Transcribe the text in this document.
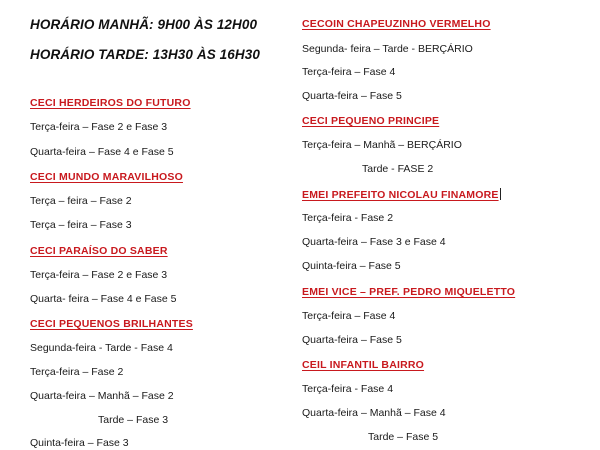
HORÁRIO MANHÃ: 9H00 ÀS 12H00
HORÁRIO TARDE: 13H30 ÀS 16H30
CECI HERDEIROS DO FUTURO
Terça-feira – Fase 2 e Fase 3
Quarta-feira – Fase 4 e Fase 5
CECI MUNDO MARAVILHOSO
Terça – feira – Fase 2
Terça – feira – Fase 3
CECI PARAÍSO DO SABER
Terça-feira – Fase 2 e Fase 3
Quarta- feira – Fase 4 e Fase 5
CECI PEQUENOS BRILHANTES
Segunda-feira - Tarde - Fase 4
Terça-feira – Fase 2
Quarta-feira – Manhã – Fase 2
Tarde – Fase 3
Quinta-feira – Fase 3
CECOIN CHAPEUZINHO VERMELHO
Segunda- feira – Tarde - BERÇÁRIO
Terça-feira – Fase 4
Quarta-feira – Fase 5
CECI PEQUENO PRINCIPE
Terça-feira – Manhã – BERÇÁRIO
Tarde - FASE 2
EMEI PREFEITO NICOLAU FINAMORE
Terça-feira - Fase 2
Quarta-feira – Fase 3 e Fase 4
Quinta-feira – Fase 5
EMEI VICE – PREF. PEDRO MIQUELETTO
Terça-feira – Fase 4
Quarta-feira – Fase 5
CEIL INFANTIL BAIRRO
Terça-feira - Fase 4
Quarta-feira – Manhã – Fase 4
Tarde – Fase 5
